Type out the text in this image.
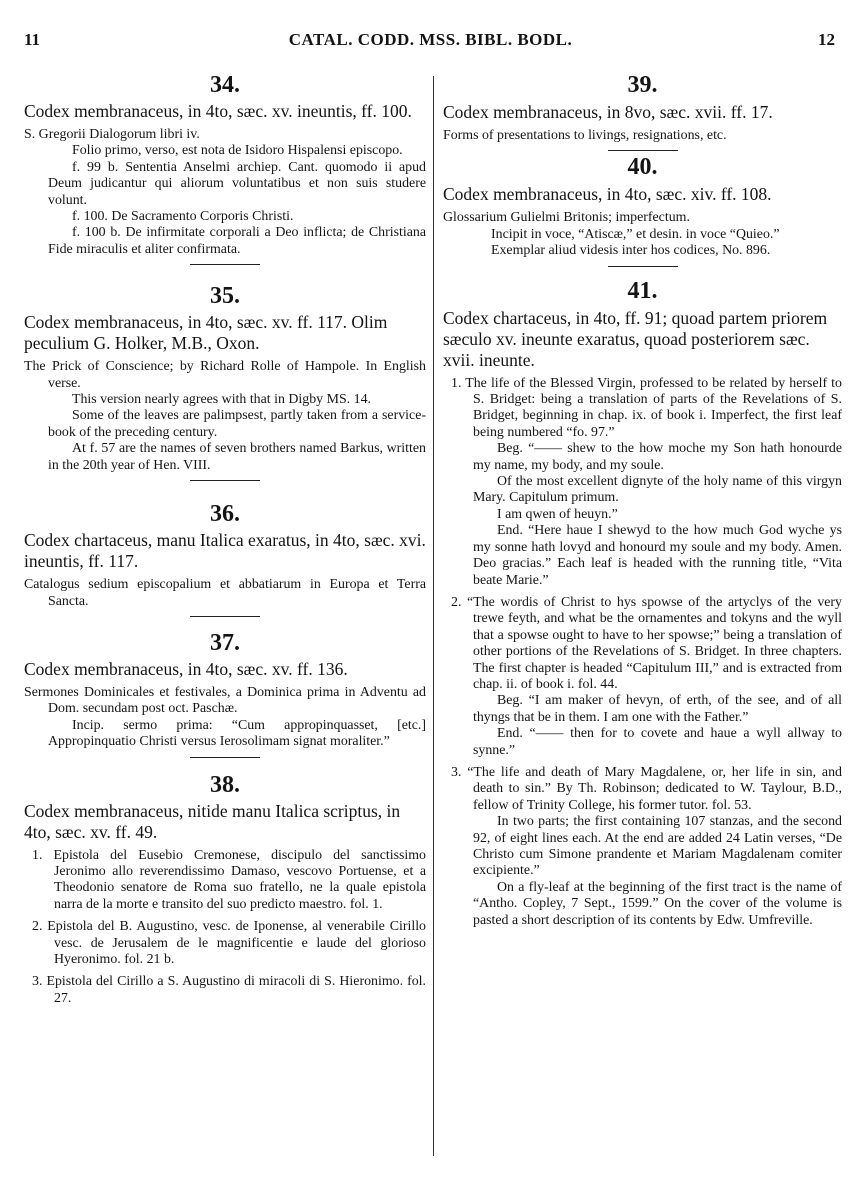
11	CATAL. CODD. MSS. BIBL. BODL.	12
34.
Codex membranaceus, in 4to, sæc. xv. ineuntis, ff. 100.
S. Gregorii Dialogorum libri iv.
Folio primo, verso, est nota de Isidoro Hispalensi episcopo.
f. 99 b. Sententia Anselmi archiep. Cant. quomodo ii apud Deum judicantur qui aliorum voluntatibus et non suis studere volunt.
f. 100. De Sacramento Corporis Christi.
f. 100 b. De infirmitate corporali a Deo inflicta; de Christiana Fide miraculis et aliter confirmata.
35.
Codex membranaceus, in 4to, sæc. xv. ff. 117. Olim peculium G. Holker, M.B., Oxon.
The Prick of Conscience; by Richard Rolle of Hampole. In English verse.
This version nearly agrees with that in Digby MS. 14.
Some of the leaves are palimpsest, partly taken from a service-book of the preceding century.
At f. 57 are the names of seven brothers named Barkus, written in the 20th year of Hen. VIII.
36.
Codex chartaceus, manu Italica exaratus, in 4to, sæc. xvi. ineuntis, ff. 117.
Catalogus sedium episcopalium et abbatiarum in Europa et Terra Sancta.
37.
Codex membranaceus, in 4to, sæc. xv. ff. 136.
Sermones Dominicales et festivales, a Dominica prima in Adventu ad Dom. secundam post oct. Paschæ.
Incip. sermo prima: “Cum appropinquasset, [etc.] Appropinquatio Christi versus Ierosolimam signat moraliter.”
38.
Codex membranaceus, nitide manu Italica scriptus, in 4to, sæc. xv. ff. 49.
1. Epistola del Eusebio Cremonese, discipulo del sanctissimo Jeronimo allo reverendissimo Damaso, vescovo Portuense, et a Theodonio senatore de Roma suo fratello, ne la quale epistola narra de la morte e transito del suo predicto maestro. fol. 1.
2. Epistola del B. Augustino, vesc. de Iponense, al venerabile Cirillo vesc. de Jerusalem de le magnificentie e laude del glorioso Hyeronimo. fol. 21 b.
3. Epistola del Cirillo a S. Augustino di miracoli di S. Hieronimo. fol. 27.
39.
Codex membranaceus, in 8vo, sæc. xvii. ff. 17.
Forms of presentations to livings, resignations, etc.
40.
Codex membranaceus, in 4to, sæc. xiv. ff. 108.
Glossarium Gulielmi Britonis; imperfectum.
Incipit in voce, “Atiscæ,” et desin. in voce “Quieo.”
Exemplar aliud videsis inter hos codices, No. 896.
41.
Codex chartaceus, in 4to, ff. 91; quoad partem priorem sæculo xv. ineunte exaratus, quoad posteriorem sæc. xvii. ineunte.
1. The life of the Blessed Virgin, professed to be related by herself to S. Bridget: being a translation of parts of the Revelations of S. Bridget, beginning in chap. ix. of book i. Imperfect, the first leaf being numbered “fo. 97.”
Beg. “—— shew to the how moche my Son hath honourde my name, my body, and my soule.
Of the most excellent dignyte of the holy name of this virgyn Mary. Capitulum primum.
I am qwen of heuyn.”
End. “Here haue I shewyd to the how much God wyche ys my sonne hath lovyd and honourd my soule and my body. Amen. Deo gracias.” Each leaf is headed with the running title, “Vita beate Marie.”
2. “The wordis of Christ to hys spowse of the artyclys of the very trewe feyth, and what be the ornamentes and tokyns and the wyll that a spowse ought to have to her spowse;” being a translation of other portions of the Revelations of S. Bridget. In three chapters. The first chapter is headed “Capitulum III,” and is extracted from chap. ii. of book i. fol. 44.
Beg. “I am maker of hevyn, of erth, of the see, and of all thyngs that be in them. I am one with the Father.”
End. “—— then for to covete and haue a wyll allway to synne.”
3. “The life and death of Mary Magdalene, or, her life in sin, and death to sin.” By Th. Robinson; dedicated to W. Taylour, B.D., fellow of Trinity College, his former tutor. fol. 53.
In two parts; the first containing 107 stanzas, and the second 92, of eight lines each. At the end are added 24 Latin verses, “De Christo cum Simone prandente et Mariam Magdalenam comiter excipiente.”
On a fly-leaf at the beginning of the first tract is the name of “Antho. Copley, 7 Sept., 1599.” On the cover of the volume is pasted a short description of its contents by Edw. Umfreville.
